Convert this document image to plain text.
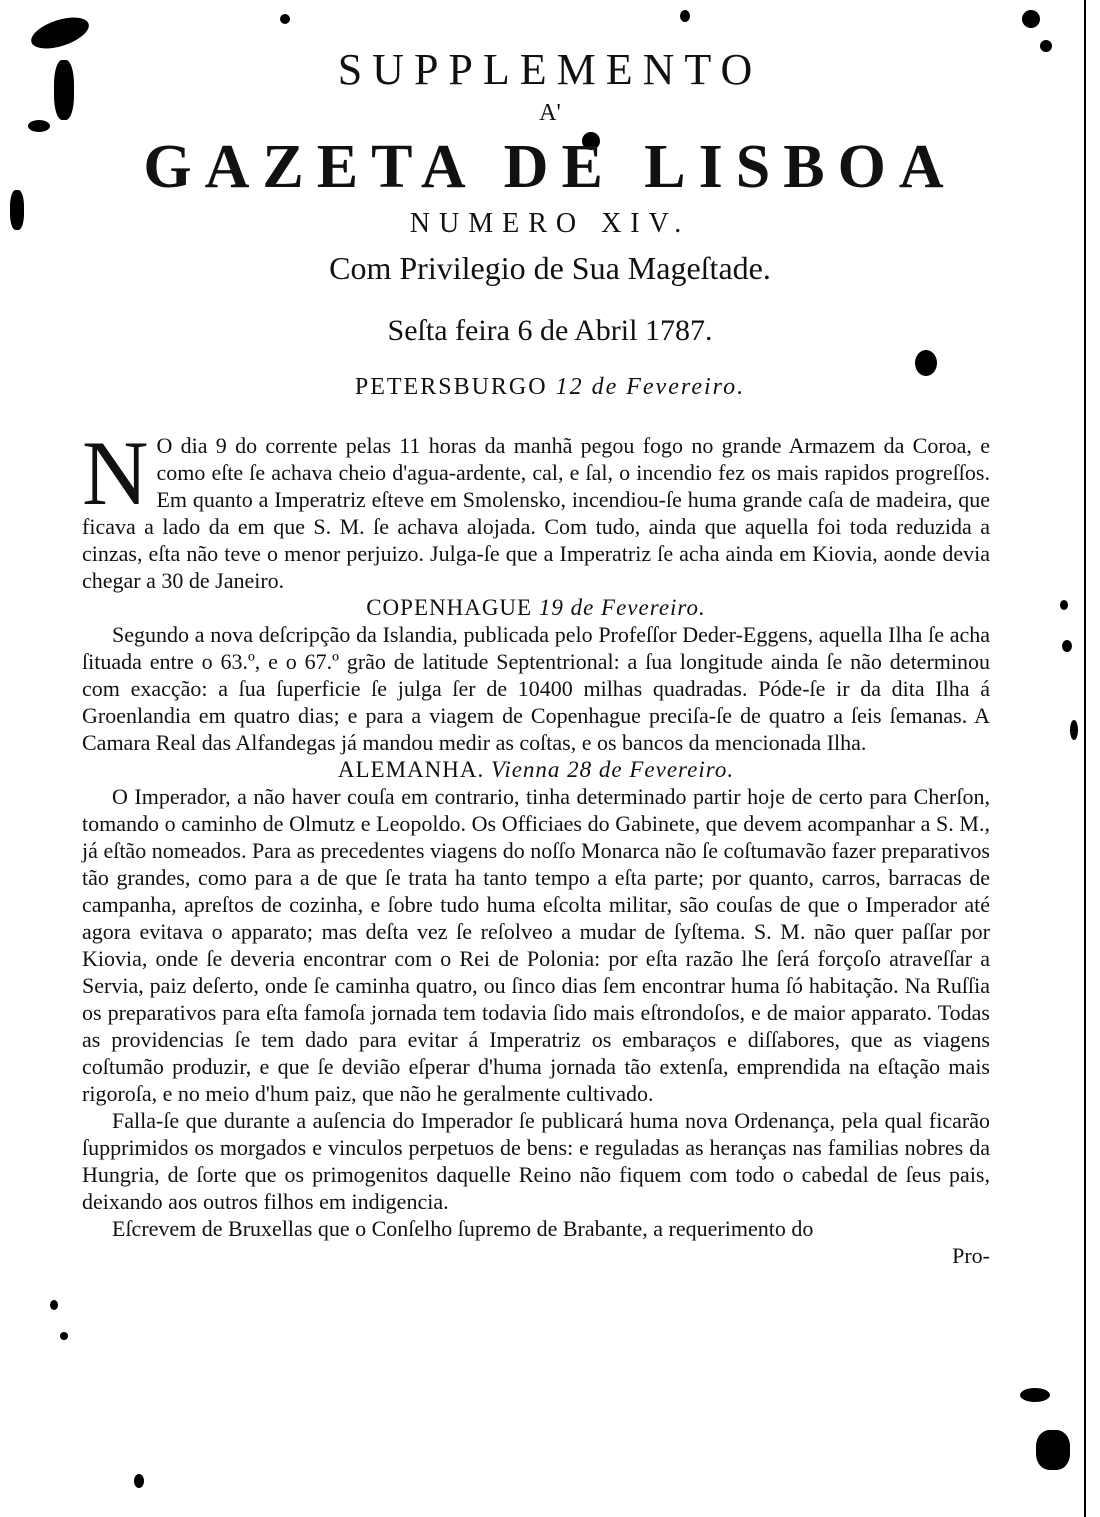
SUPPLEMENTO
A'
GAZETA DE LISBOA
NUMERO XIV.
Com Privilegio de Sua Mageſtade.
Seſta feira 6 de Abril 1787.
PETERSBURGO 12 de Fevereiro.

N O dia 9 do corrente pelas 11 horas da manhã pegou fogo no grande Armazem da Coroa, e como eſte ſe achava cheio d'agua-ardente, cal, e ſal, o incendio fez os mais rapidos progreſſos. Em quanto a Imperatriz eſteve em Smolensko, incendiou-ſe huma grande caſa de madeira, que ficava a lado da em que S. M. ſe achava alojada. Com tudo, ainda que aquella foi toda reduzida a cinzas, eſta não teve o menor perjuizo. Julga-ſe que a Imperatriz ſe acha ainda em Kiovia, aonde devia chegar a 30 de Janeiro.

COPENHAGUE 19 de Fevereiro.

Segundo a nova deſcripção da Islandia, publicada pelo Profeſſor Deder-Eggens, aquella Ilha ſe acha ſituada entre o 63.º, e o 67.º grão de latitude Septentrional: a ſua longitude ainda ſe não determinou com exacção: a ſua ſuperficie ſe julga ſer de 10400 milhas quadradas. Póde-ſe ir da dita Ilha á Groenlandia em quatro dias; e para a viagem de Copenhague preciſa-ſe de quatro a ſeis ſemanas. A Camara Real das Alfandegas já mandou medir as coſtas, e os bancos da mencionada Ilha.

ALEMANHA. Vienna 28 de Fevereiro.

O Imperador, a não haver couſa em contrario, tinha determinado partir hoje de certo para Cherſon, tomando o caminho de Olmutz e Leopoldo. Os Officiaes do Gabinete, que devem acompanhar a S. M., já eſtão nomeados. Para as precedentes viagens do noſſo Monarca não ſe coſtumavão fazer preparativos tão grandes, como para a de que ſe trata ha tanto tempo a eſta parte; por quanto, carros, barracas de campanha, apreſtos de cozinha, e ſobre tudo huma eſcolta militar, são couſas de que o Imperador até agora evitava o apparato; mas deſta vez ſe reſolveo a mudar de ſyſtema. S. M. não quer paſſar por Kiovia, onde ſe deveria encontrar com o Rei de Polonia: por eſta razão lhe ſerá forçoſo atraveſſar a Servia, paiz deſerto, onde ſe caminha quatro, ou ſinco dias ſem encontrar huma ſó habitação. Na Ruſſia os preparativos para eſta famoſa jornada tem todavia ſido mais eſtrondoſos, e de maior apparato. Todas as providencias ſe tem dado para evitar á Imperatriz os embaraços e diſſabores, que as viagens coſtumão produzir, e que ſe devião eſperar d'huma jornada tão extenſa, emprendida na eſtação mais rigoroſa, e no meio d'hum paiz, que não he geralmente cultivado.

Falla-ſe que durante a auſencia do Imperador ſe publicará huma nova Ordenança, pela qual ficarão ſupprimidos os morgados e vinculos perpetuos de bens: e reguladas as heranças nas familias nobres da Hungria, de ſorte que os primogenitos daquelle Reino não fiquem com todo o cabedal de ſeus pais, deixando aos outros filhos em indigencia.

Eſcrevem de Bruxellas que o Conſelho ſupremo de Brabante, a requerimento do

Pro-
